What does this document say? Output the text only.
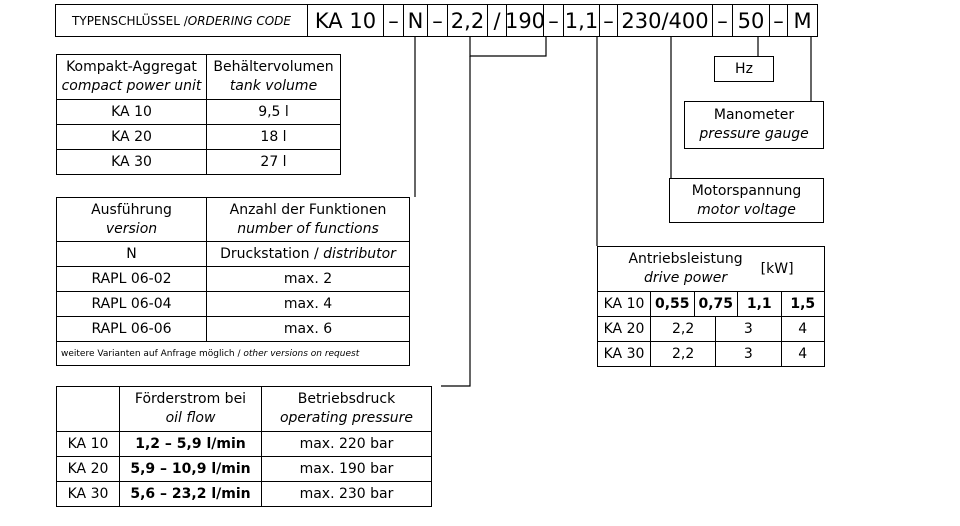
TYPENSCHLÜSSEL / ORDERING CODE	KA 10 – N – 2,2 / 190 – 1,1 – 230/400 – 50 – M
Hz
Manometer
pressure gauge
Motorspannung
motor voltage
Kompakt-Aggregat
compact power unit	Behältervolumen
tank volume

KA 10	9,5 l
KA 20	18 l
KA 30	27 l
Ausführung
version	Anzahl der Funktionen
number of functions

N	Druckstation / distributor
RAPL 06-02	max. 2
RAPL 06-04	max. 4
RAPL 06-06	max. 6
weitere Varianten auf Anfrage möglich / other versions on request	

	Förderstrom bei
oil flow	Betriebsdruck
operating pressure

KA 10	1,2 – 5,9 l/min	max. 220 bar
KA 20	5,9 – 10,9 l/min	max. 190 bar
KA 30	5,6 – 23,2 l/min	max. 230 bar
Antriebsleistung
drive power
[kW]					

KA 10	0,55	0,75		1,1	1,5
KA 20	2,2		3		4
KA 30	2,2		3		4
